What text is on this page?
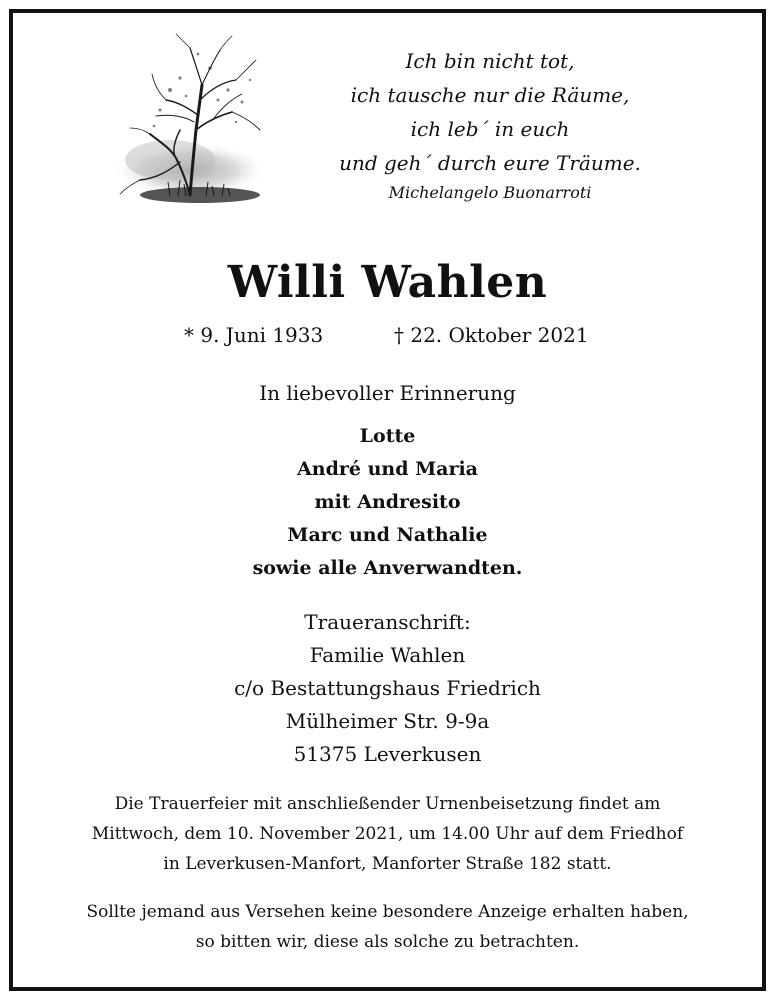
Ich bin nicht tot,
ich tausche nur die Räume,
ich leb´ in euch
und geh´ durch eure Träume.
Michelangelo Buonarroti
Willi Wahlen
* 9. Juni 1933	† 22. Oktober 2021
In liebevoller Erinnerung
Lotte
André und Maria
mit Andresito
Marc und Nathalie
sowie alle Anverwandten.
Traueranschrift:
Familie Wahlen
c/o Bestattungshaus Friedrich
Mülheimer Str. 9-9a
51375 Leverkusen
Die Trauerfeier mit anschließender Urnenbeisetzung findet am
Mittwoch, dem 10. November 2021, um 14.00 Uhr auf dem Friedhof
in Leverkusen-Manfort, Manforter Straße 182 statt.
Sollte jemand aus Versehen keine besondere Anzeige erhalten haben,
so bitten wir, diese als solche zu betrachten.
